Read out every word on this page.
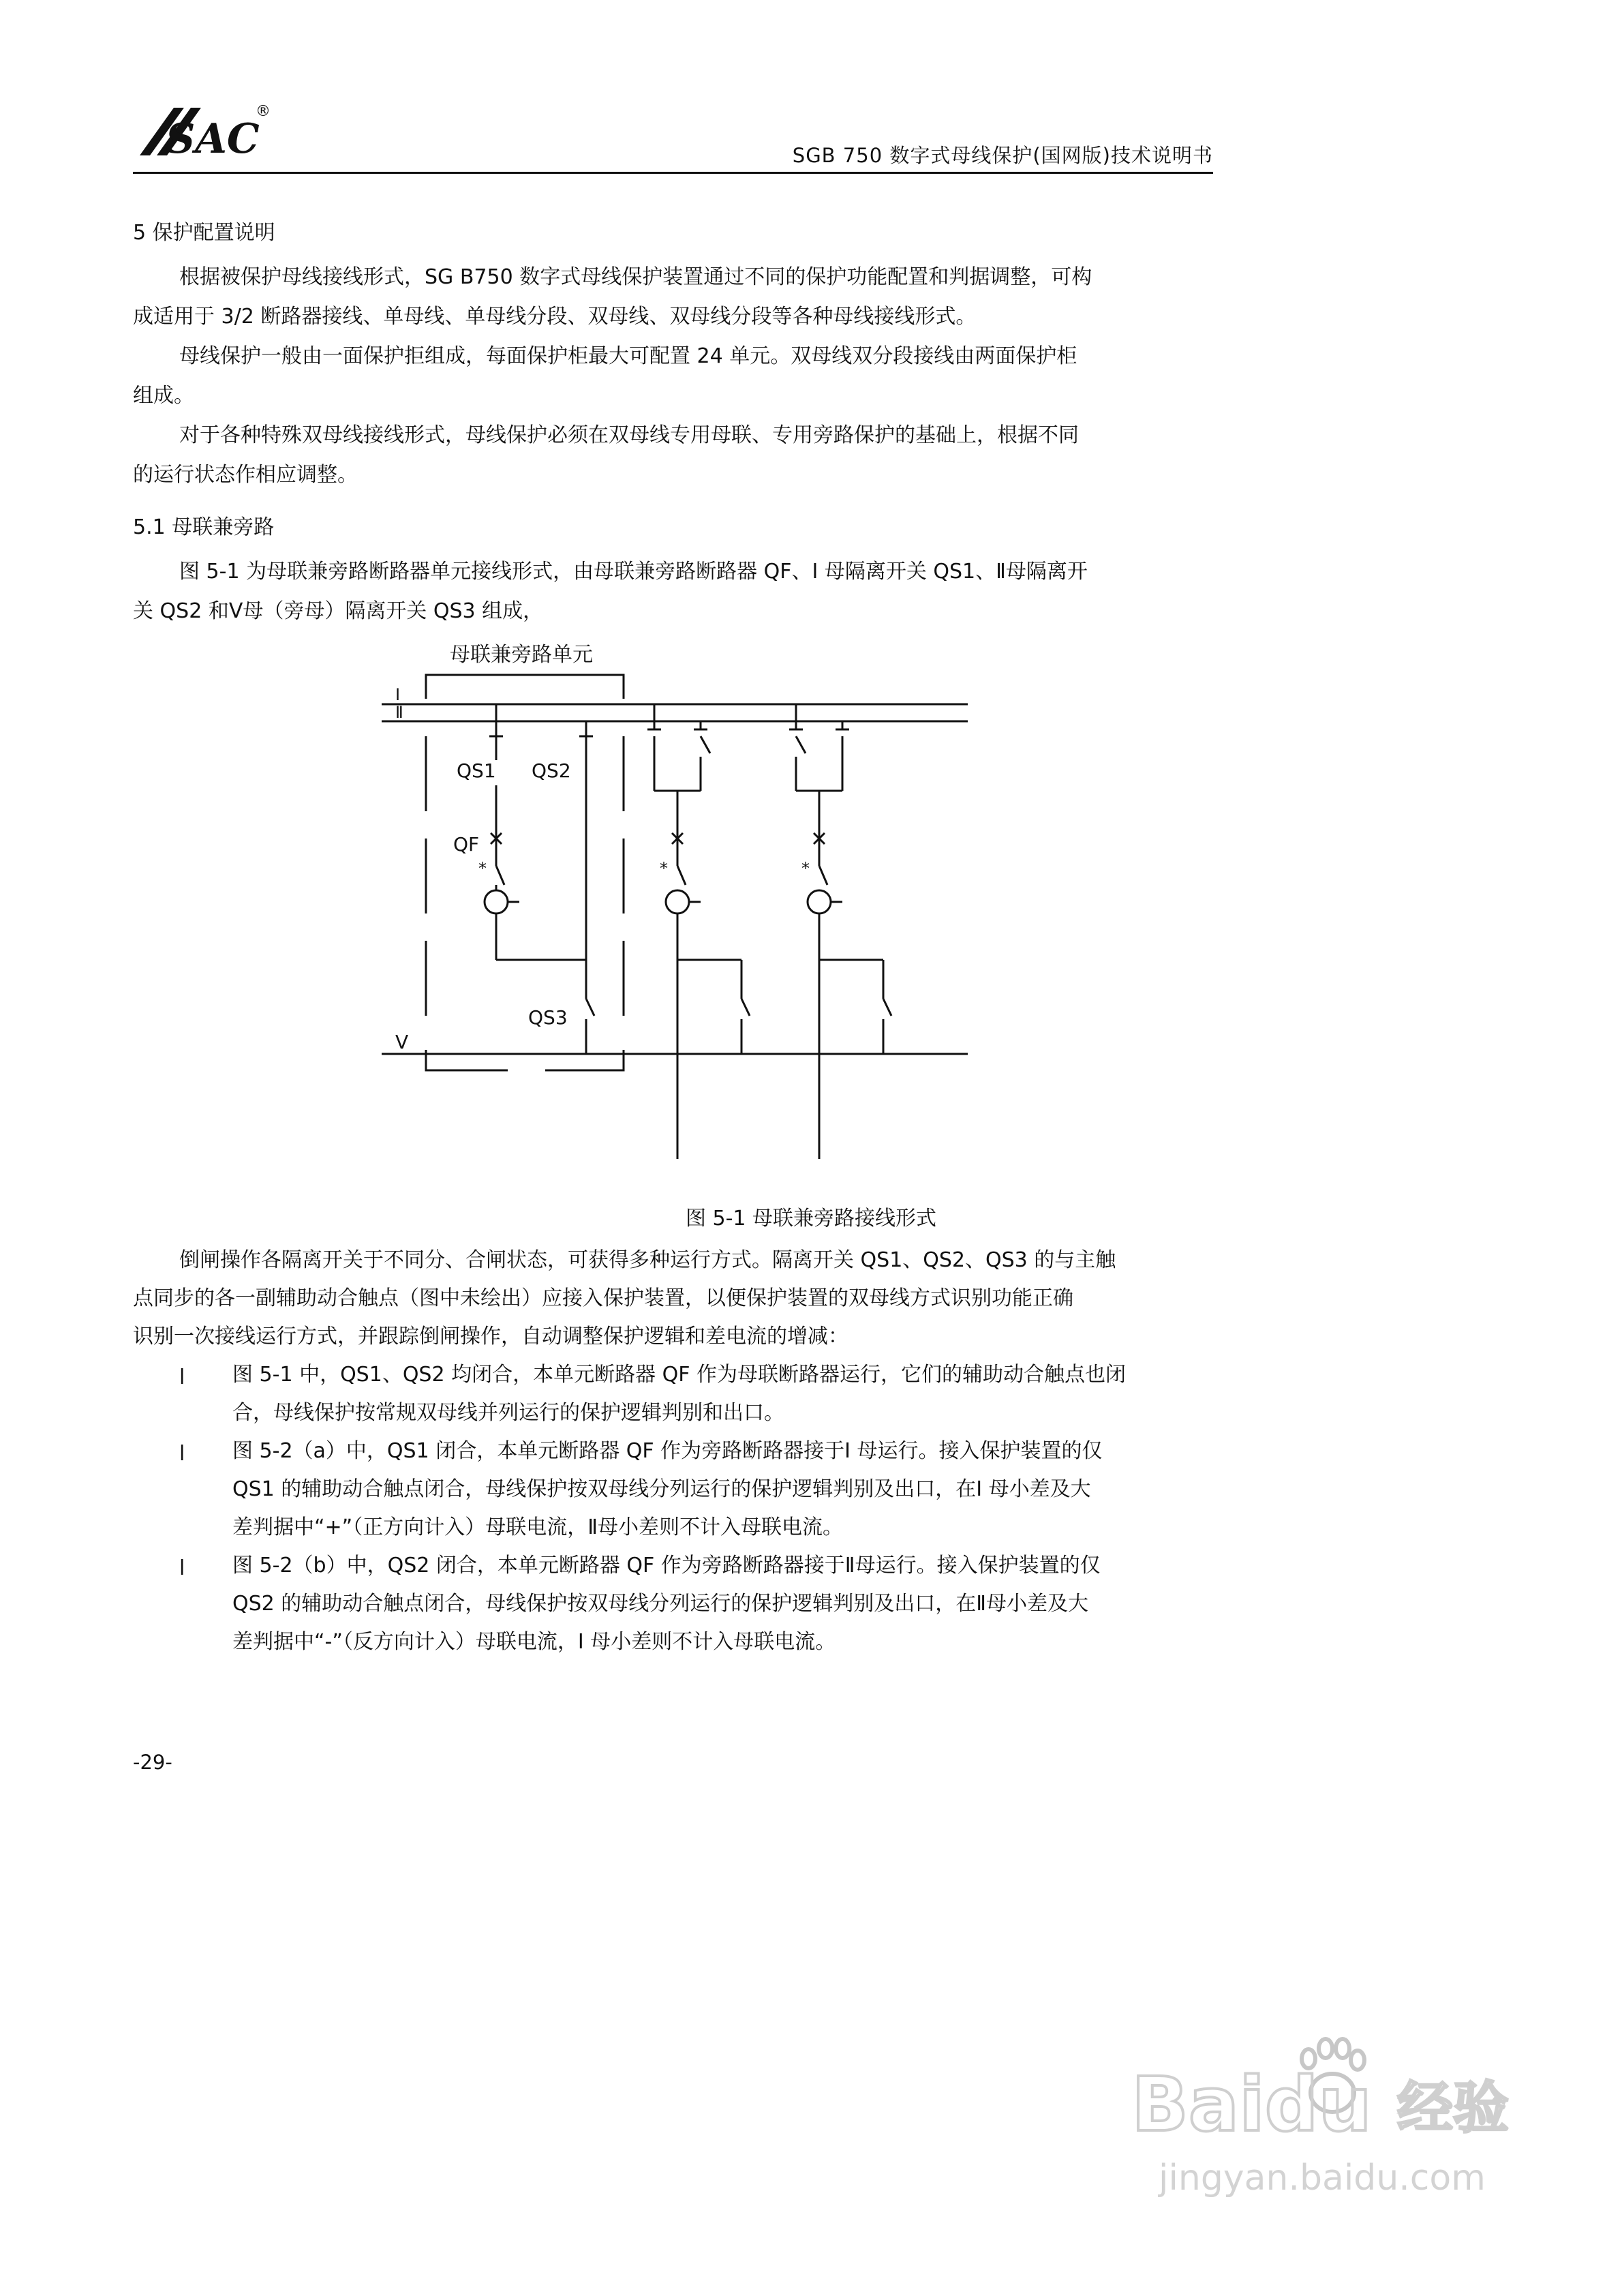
SAC
®
SGB 750 数字式母线保护(国网版)技术说明书
5 保护配置说明
根据被保护母线接线形式，SG B750 数字式母线保护装置通过不同的保护功能配置和判据调整，可构
成适用于 3/2 断路器接线、单母线、单母线分段、双母线、双母线分段等各种母线接线形式。
母线保护一般由一面保护拒组成，每面保护柜最大可配置 24 单元。双母线双分段接线由两面保护柜
组成。
对于各种特殊双母线接线形式，母线保护必须在双母线专用母联、专用旁路保护的基础上，根据不同
的运行状态作相应调整。
5.1 母联兼旁路
图 5-1 为母联兼旁路断路器单元接线形式，由母联兼旁路断路器 QF、Ⅰ 母隔离开关 QS1、Ⅱ母隔离开
关 QS2 和Ⅴ母（旁母）隔离开关 QS3 组成，
母联兼旁路单元
Ⅰ
Ⅱ
Ⅴ
QS1 QS2
QF
*
QS3
*	*
图 5-1 母联兼旁路接线形式
倒闸操作各隔离开关于不同分、合闸状态，可获得多种运行方式。隔离开关 QS1、QS2、QS3 的与主触
点同步的各一副辅助动合触点（图中未绘出）应接入保护装置，以便保护装置的双母线方式识别功能正确
识别一次接线运行方式，并跟踪倒闸操作，自动调整保护逻辑和差电流的增减：
l 图 5-1 中，QS1、QS2 均闭合，本单元断路器 QF 作为母联断路器运行，它们的辅助动合触点也闭
合，母线保护按常规双母线并列运行的保护逻辑判别和出口。
l 图 5-2（a）中，QS1 闭合，本单元断路器 QF 作为旁路断路器接于Ⅰ 母运行。接入保护装置的仅
QS1 的辅助动合触点闭合，母线保护按双母线分列运行的保护逻辑判别及出口，在Ⅰ 母小差及大
差判据中“+”（正方向计入）母联电流，Ⅱ母小差则不计入母联电流。
l 图 5-2（b）中，QS2 闭合，本单元断路器 QF 作为旁路断路器接于Ⅱ母运行。接入保护装置的仅
QS2 的辅助动合触点闭合，母线保护按双母线分列运行的保护逻辑判别及出口，在Ⅱ母小差及大
差判据中“-”（反方向计入）母联电流，Ⅰ 母小差则不计入母联电流。
-29-
Baidu 经验
jingyan.baidu.com
